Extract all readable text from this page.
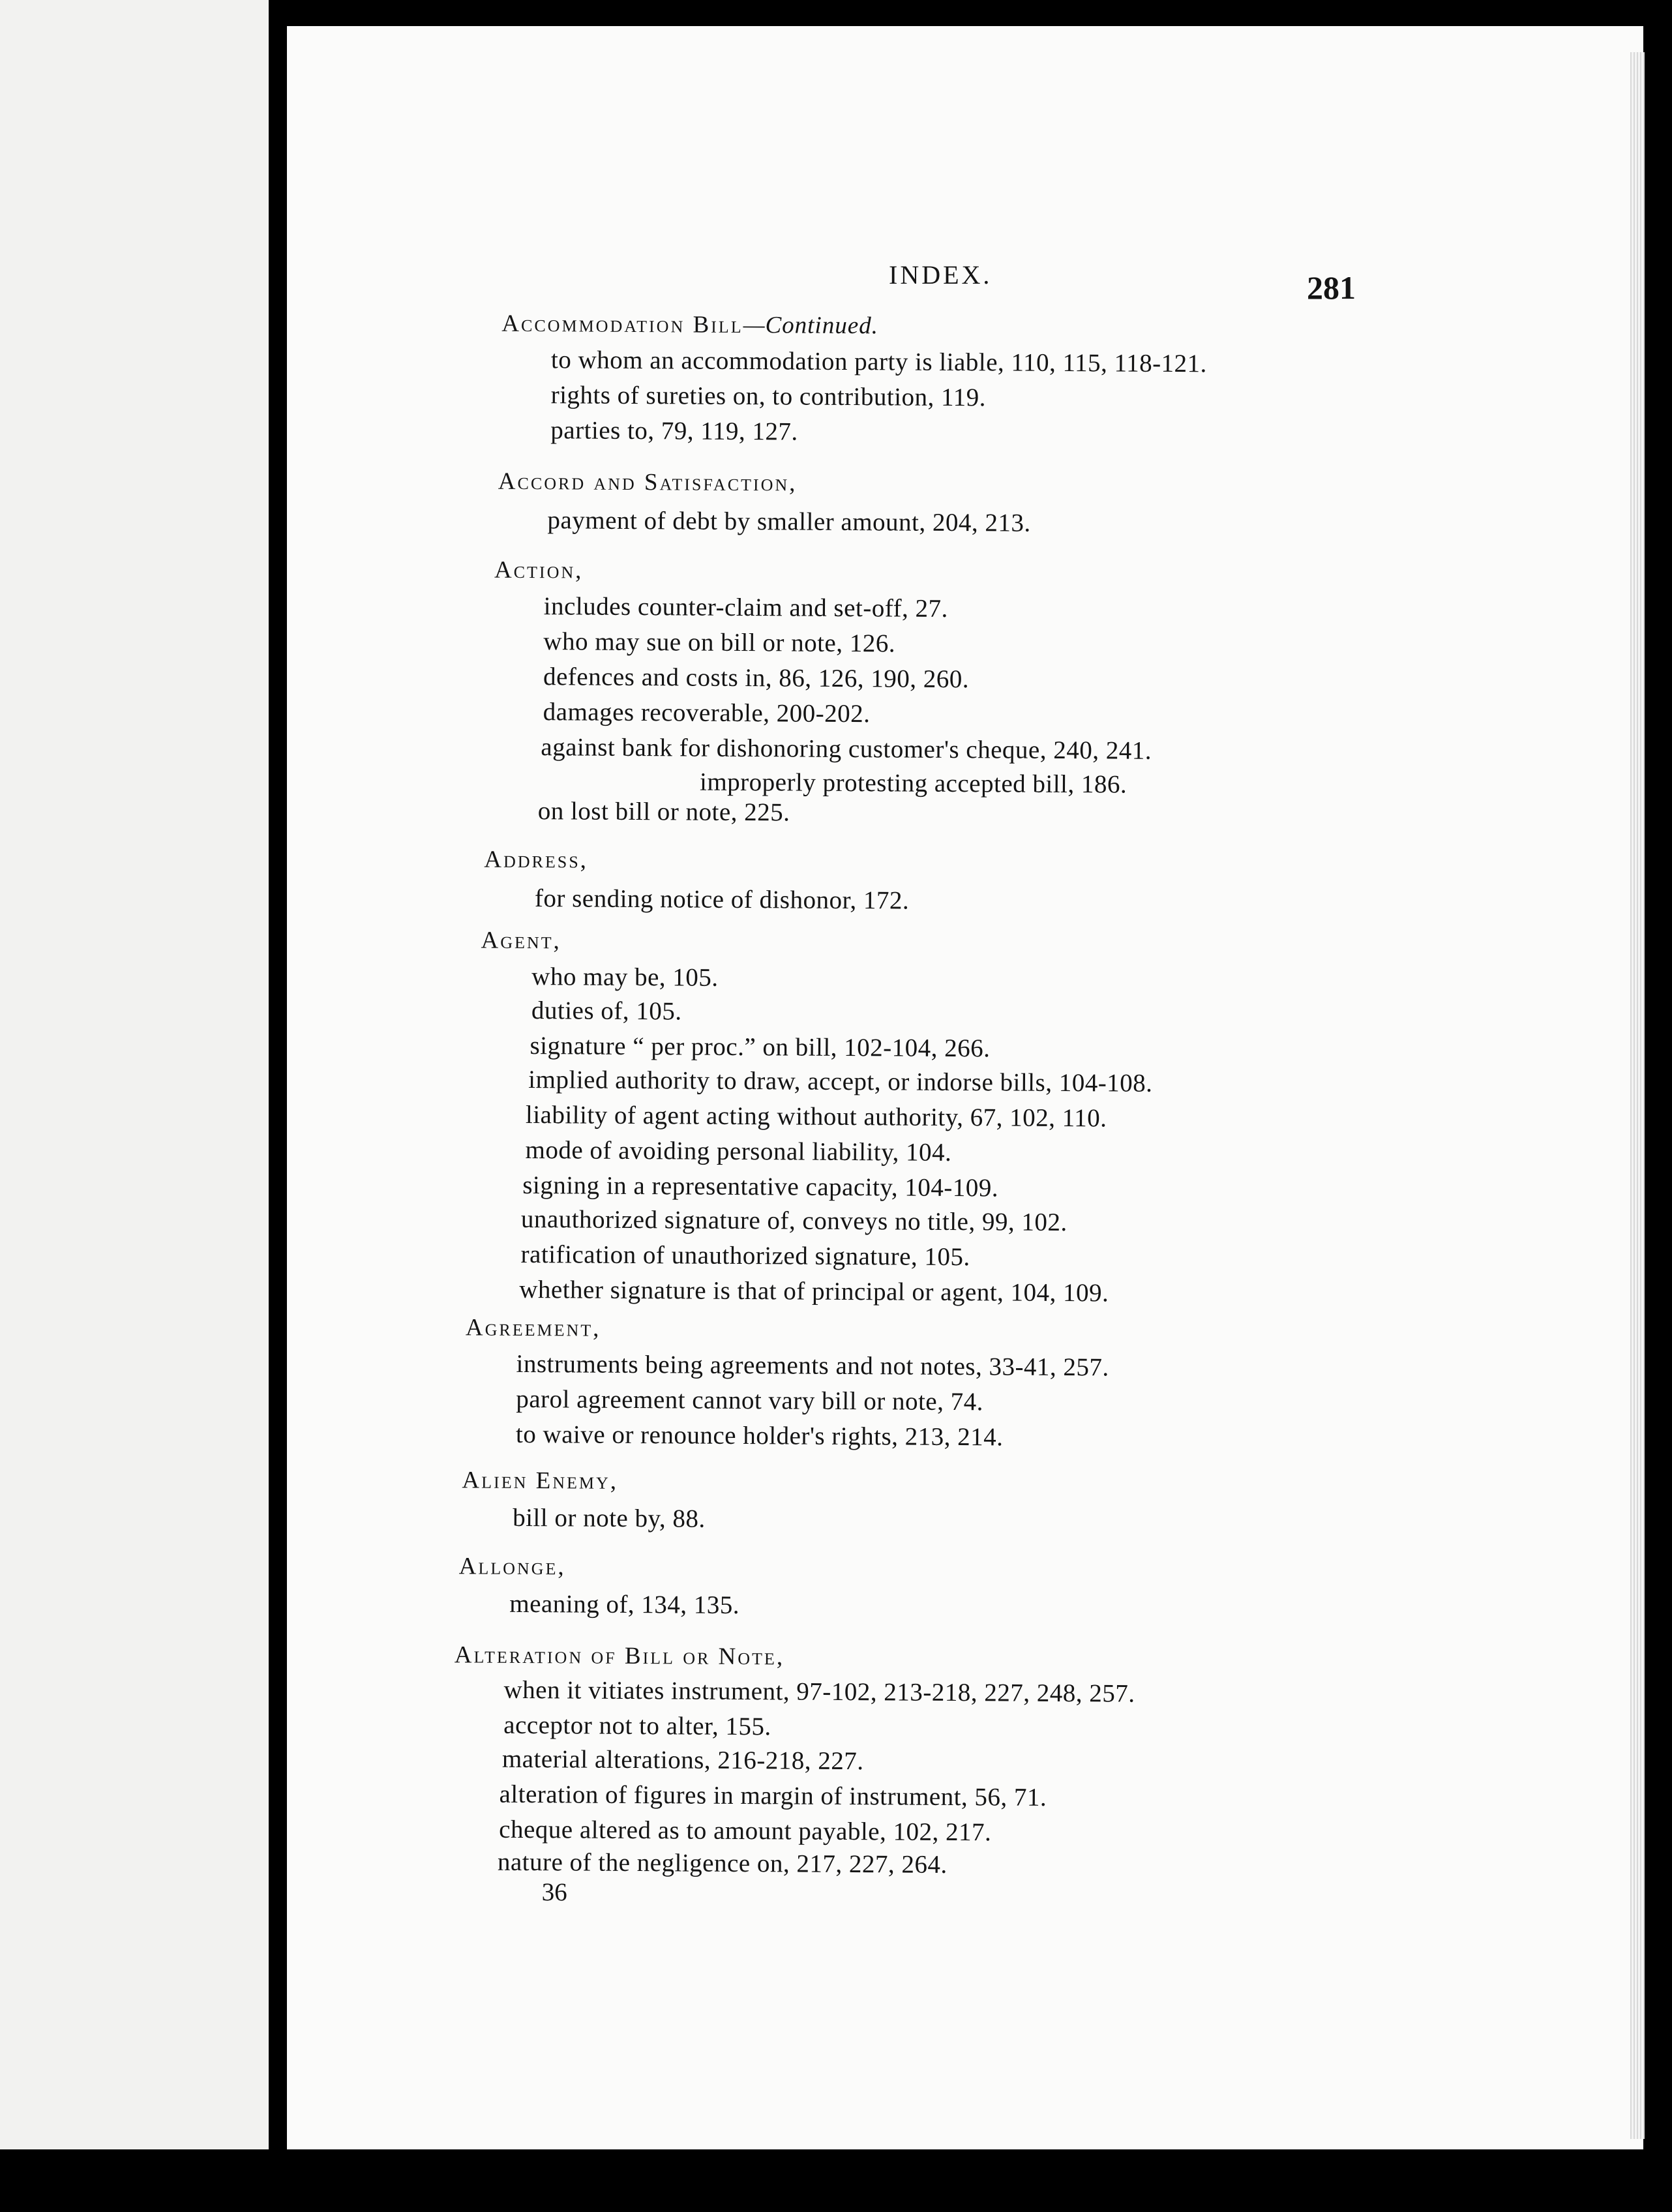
INDEX.	281
Accommodation Bill—Continued.
to whom an accommodation party is liable, 110, 115, 118-121.
rights of sureties on, to contribution, 119.
parties to, 79, 119, 127.
Accord and Satisfaction,
payment of debt by smaller amount, 204, 213.
Action,
includes counter-claim and set-off, 27.
who may sue on bill or note, 126.
defences and costs in, 86, 126, 190, 260.
damages recoverable, 200-202.
against bank for dishonoring customer's cheque, 240, 241.
improperly protesting accepted bill, 186.
on lost bill or note, 225.
Address,
for sending notice of dishonor, 172.
Agent,
who may be, 105.
duties of, 105.
signature “ per proc.” on bill, 102-104, 266.
implied authority to draw, accept, or indorse bills, 104-108.
liability of agent acting without authority, 67, 102, 110.
mode of avoiding personal liability, 104.
signing in a representative capacity, 104-109.
unauthorized signature of, conveys no title, 99, 102.
ratification of unauthorized signature, 105.
whether signature is that of principal or agent, 104, 109.
Agreement,
instruments being agreements and not notes, 33-41, 257.
parol agreement cannot vary bill or note, 74.
to waive or renounce holder's rights, 213, 214.
Alien Enemy,
bill or note by, 88.
Allonge,
meaning of, 134, 135.
Alteration of Bill or Note,
when it vitiates instrument, 97-102, 213-218, 227, 248, 257.
acceptor not to alter, 155.
material alterations, 216-218, 227.
alteration of figures in margin of instrument, 56, 71.
cheque altered as to amount payable, 102, 217.
nature of the negligence on, 217, 227, 264.
36
